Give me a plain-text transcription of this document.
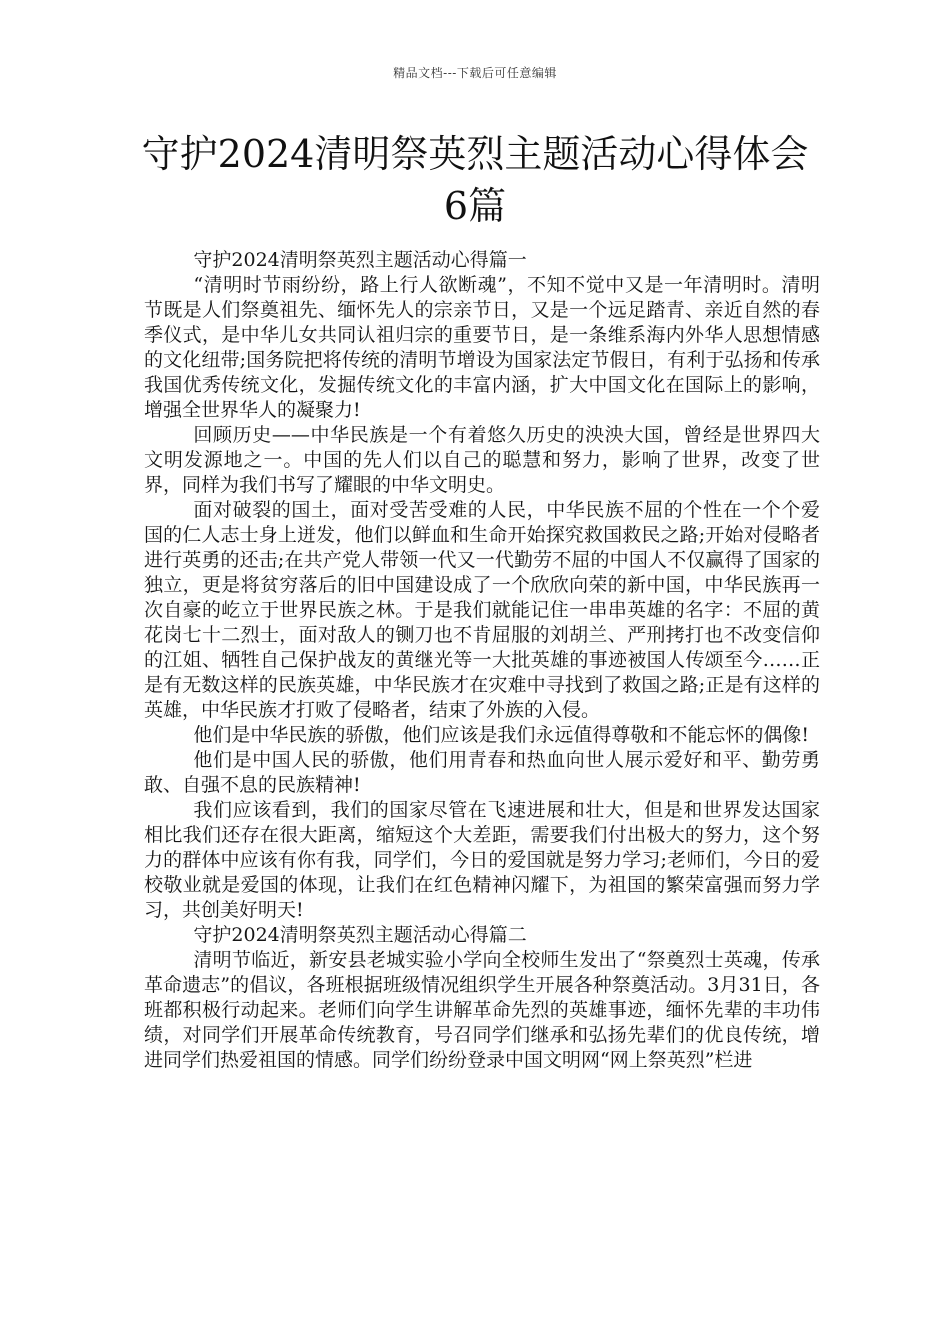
精品文档---下载后可任意编辑
守护2024清明祭英烈主题活动心得体会6篇

守护2024清明祭英烈主题活动心得篇一

“清明时节雨纷纷，路上行人欲断魂”，不知不觉中又是一年清明时。清明节既是人们祭奠祖先、缅怀先人的宗亲节日，又是一个远足踏青、亲近自然的春季仪式，是中华儿女共同认祖归宗的重要节日，是一条维系海内外华人思想情感的文化纽带;国务院把将传统的清明节增设为国家法定节假日，有利于弘扬和传承我国优秀传统文化，发掘传统文化的丰富内涵，扩大中国文化在国际上的影响，增强全世界华人的凝聚力!

回顾历史——中华民族是一个有着悠久历史的泱泱大国，曾经是世界四大文明发源地之一。中国的先人们以自己的聪慧和努力，影响了世界，改变了世界，同样为我们书写了耀眼的中华文明史。

面对破裂的国土，面对受苦受难的人民，中华民族不屈的个性在一个个爱国的仁人志士身上迸发，他们以鲜血和生命开始探究救国救民之路;开始对侵略者进行英勇的还击;在共产党人带领一代又一代勤劳不屈的中国人不仅赢得了国家的独立，更是将贫穷落后的旧中国建设成了一个欣欣向荣的新中国，中华民族再一次自豪的屹立于世界民族之林。于是我们就能记住一串串英雄的名字：不屈的黄花岗七十二烈士，面对敌人的铡刀也不肯屈服的刘胡兰、严刑拷打也不改变信仰的江姐、牺牲自己保护战友的黄继光等一大批英雄的事迹被国人传颂至今……正是有无数这样的民族英雄，中华民族才在灾难中寻找到了救国之路;正是有这样的英雄，中华民族才打败了侵略者，结束了外族的入侵。

他们是中华民族的骄傲，他们应该是我们永远值得尊敬和不能忘怀的偶像!

他们是中国人民的骄傲，他们用青春和热血向世人展示爱好和平、勤劳勇敢、自强不息的民族精神!

我们应该看到，我们的国家尽管在飞速进展和壮大，但是和世界发达国家相比我们还存在很大距离，缩短这个大差距，需要我们付出极大的努力，这个努力的群体中应该有你有我，同学们，今日的爱国就是努力学习;老师们，今日的爱校敬业就是爱国的体现，让我们在红色精神闪耀下，为祖国的繁荣富强而努力学习，共创美好明天!

守护2024清明祭英烈主题活动心得篇二

清明节临近，新安县老城实验小学向全校师生发出了“祭奠烈士英魂，传承革命遗志”的倡议，各班根据班级情况组织学生开展各种祭奠活动。3月31日，各班都积极行动起来。老师们向学生讲解革命先烈的英雄事迹，缅怀先辈的丰功伟绩，对同学们开展革命传统教育，号召同学们继承和弘扬先辈们的优良传统，增进同学们热爱祖国的情感。同学们纷纷登录中国文明网“网上祭英烈”栏进
